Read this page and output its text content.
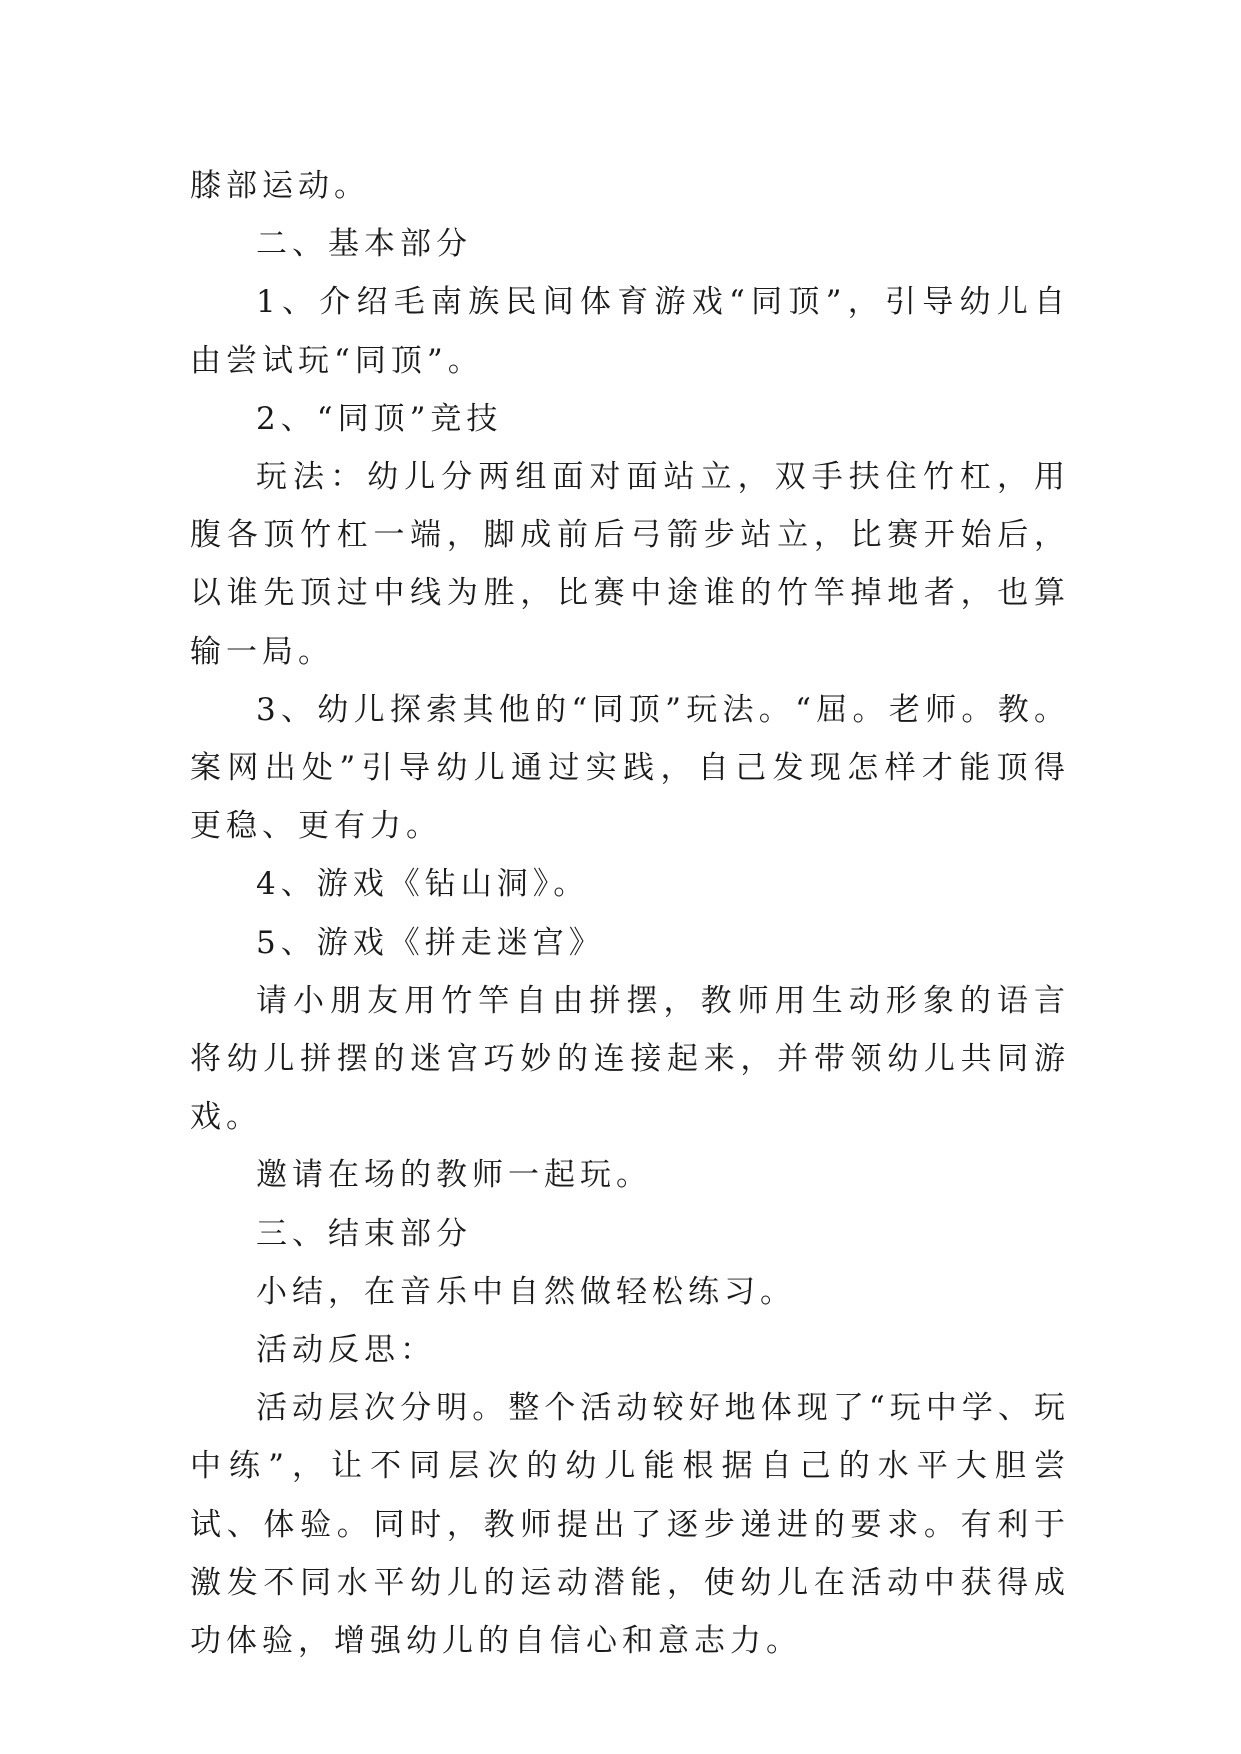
膝部运动。

二、基本部分

1、介绍毛南族民间体育游戏“同顶”，引导幼儿自由尝试玩“同顶”。

2、“同顶”竞技

玩法：幼儿分两组面对面站立，双手扶住竹杠，用腹各顶竹杠一端，脚成前后弓箭步站立，比赛开始后，以谁先顶过中线为胜，比赛中途谁的竹竿掉地者，也算输一局。

3、幼儿探索其他的“同顶”玩法。“屈。老师。教。案网出处”引导幼儿通过实践，自己发现怎样才能顶得更稳、更有力。

4、游戏《钻山洞》。

5、游戏《拼走迷宫》

请小朋友用竹竿自由拼摆，教师用生动形象的语言将幼儿拼摆的迷宫巧妙的连接起来，并带领幼儿共同游戏。

邀请在场的教师一起玩。

三、结束部分

小结，在音乐中自然做轻松练习。

活动反思：

活动层次分明。整个活动较好地体现了“玩中学、玩中练”，让不同层次的幼儿能根据自己的水平大胆尝试、体验。同时，教师提出了逐步递进的要求。有利于激发不同水平幼儿的运动潜能，使幼儿在活动中获得成功体验，增强幼儿的自信心和意志力。
